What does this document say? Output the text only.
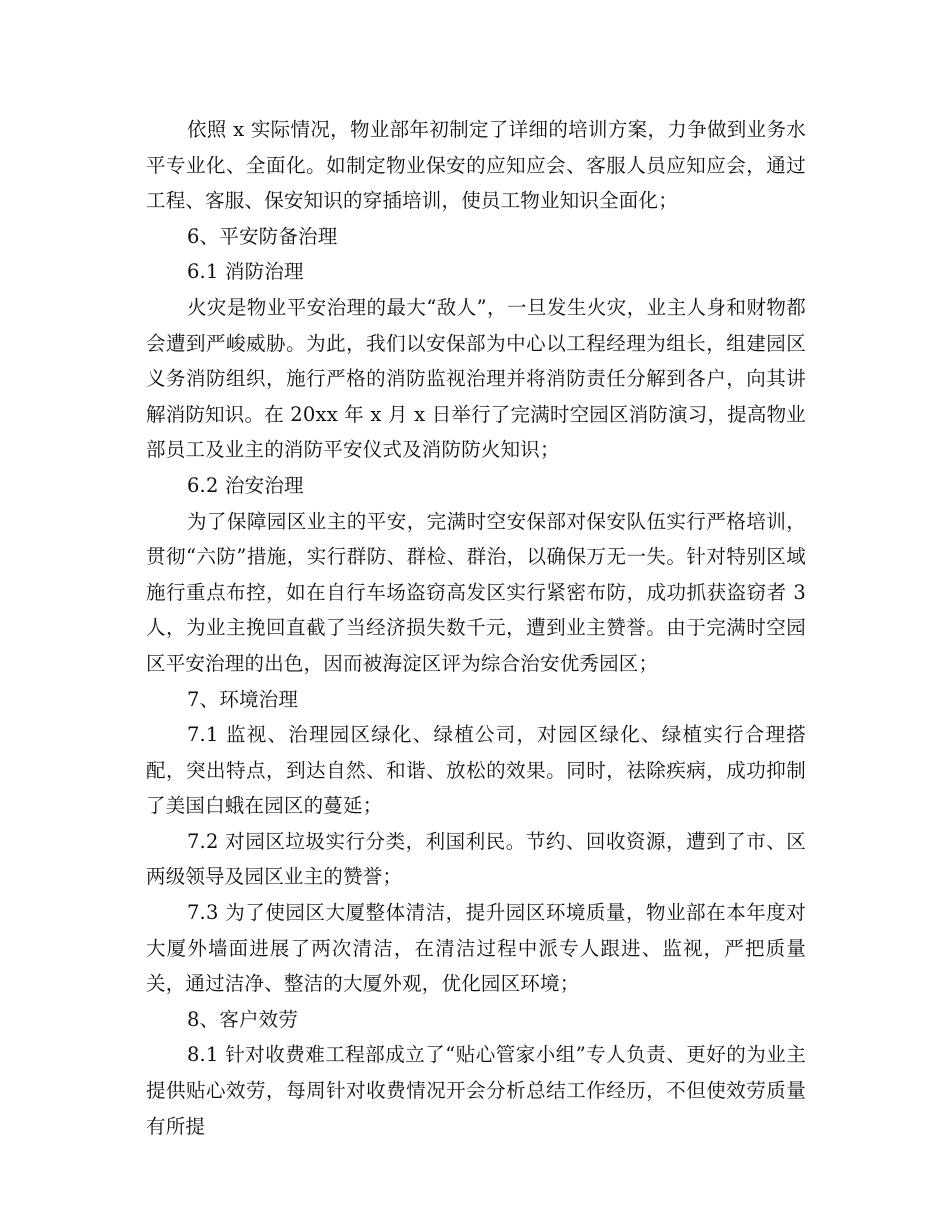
依照 x 实际情况，物业部年初制定了详细的培训方案，力争做到业务水平专业化、全面化。如制定物业保安的应知应会、客服人员应知应会，通过工程、客服、保安知识的穿插培训，使员工物业知识全面化；

6、平安防备治理

6.1 消防治理

火灾是物业平安治理的最大“敌人”，一旦发生火灾，业主人身和财物都会遭到严峻威胁。为此，我们以安保部为中心以工程经理为组长，组建园区义务消防组织，施行严格的消防监视治理并将消防责任分解到各户，向其讲解消防知识。在 20xx 年 x 月 x 日举行了完满时空园区消防演习，提高物业部员工及业主的消防平安仪式及消防防火知识；

6.2 治安治理

为了保障园区业主的平安，完满时空安保部对保安队伍实行严格培训，贯彻“六防”措施，实行群防、群检、群治，以确保万无一失。针对特别区域施行重点布控，如在自行车场盗窃高发区实行紧密布防，成功抓获盗窃者 3 人，为业主挽回直截了当经济损失数千元，遭到业主赞誉。由于完满时空园区平安治理的出色，因而被海淀区评为综合治安优秀园区；

7、环境治理

7.1 监视、治理园区绿化、绿植公司，对园区绿化、绿植实行合理搭配，突出特点，到达自然、和谐、放松的效果。同时，祛除疾病，成功抑制了美国白蛾在园区的蔓延；

7.2 对园区垃圾实行分类，利国利民。节约、回收资源，遭到了市、区两级领导及园区业主的赞誉；

7.3 为了使园区大厦整体清洁，提升园区环境质量，物业部在本年度对大厦外墙面进展了两次清洁，在清洁过程中派专人跟进、监视，严把质量关，通过洁净、整洁的大厦外观，优化园区环境；

8、客户效劳

8.1 针对收费难工程部成立了“贴心管家小组”专人负责、更好的为业主提供贴心效劳，每周针对收费情况开会分析总结工作经历，不但使效劳质量有所提
